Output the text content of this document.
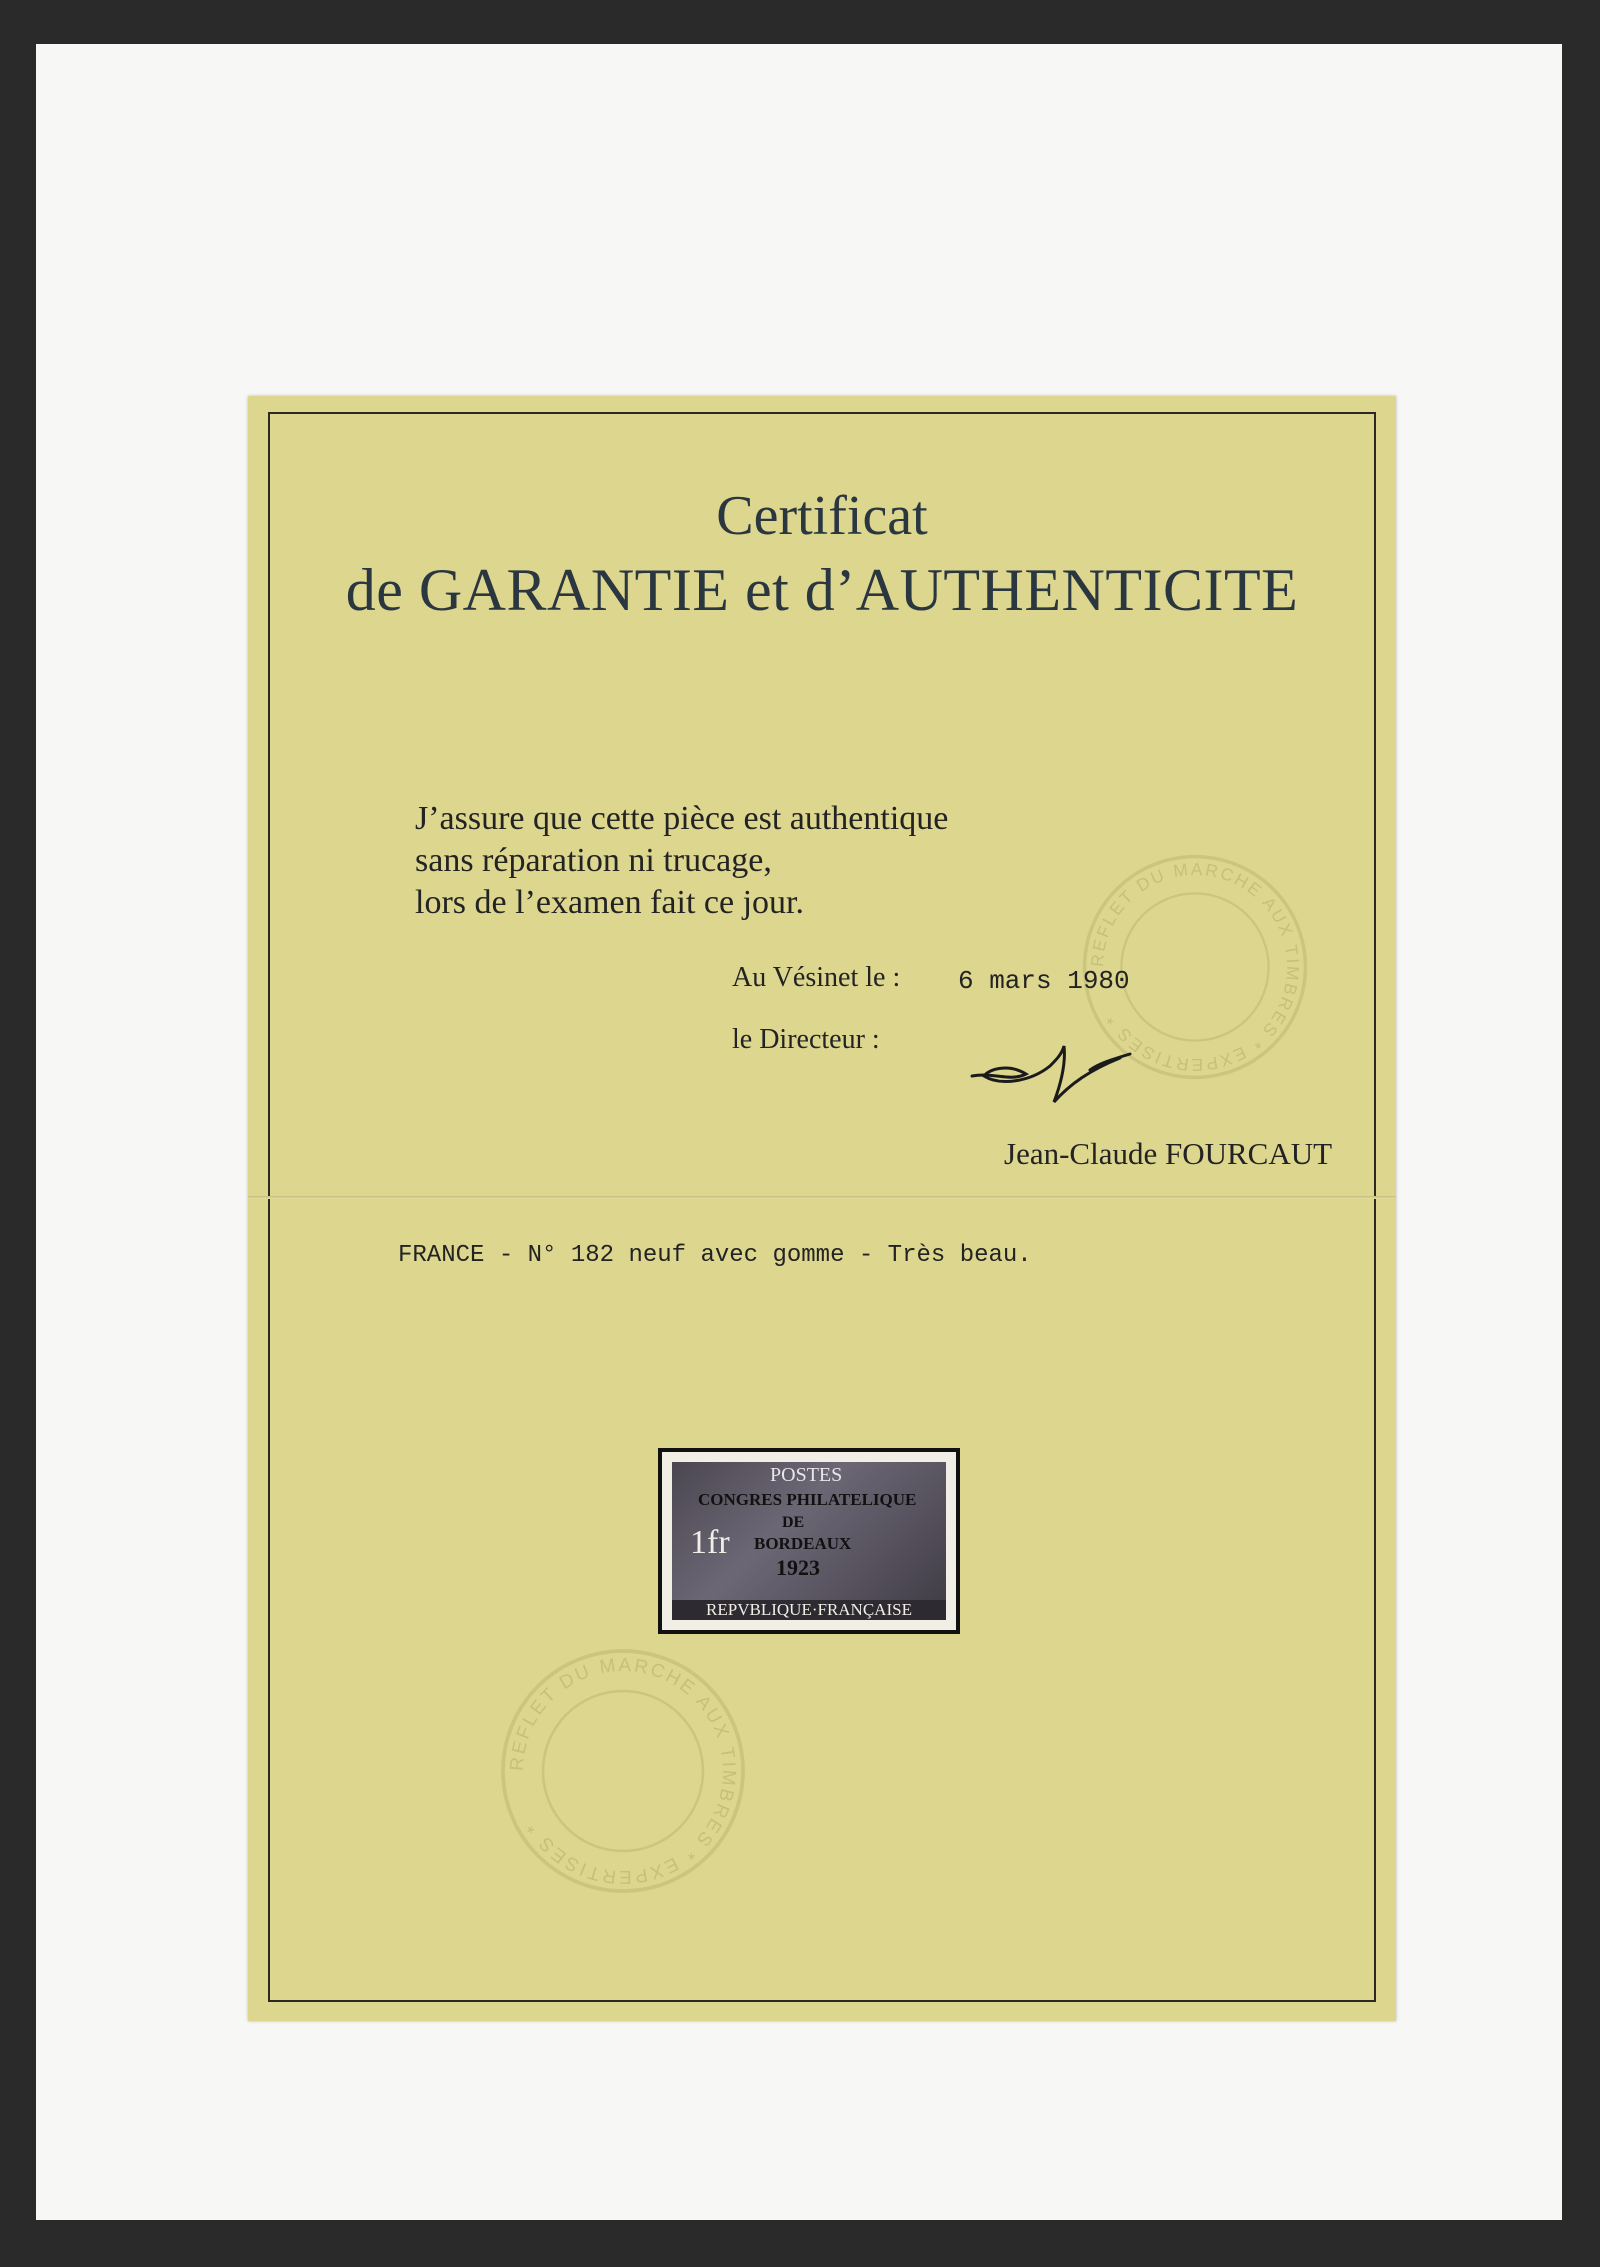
Certificat
de GARANTIE et d’AUTHENTICITE
J’assure que cette pièce est authentique
sans réparation ni trucage,
lors de l’examen fait ce jour.
REFLET DU MARCHE AUX TIMBRES * EXPERTISES *
Au Vésinet le : 6 mars 1980
le Directeur :
Jean-Claude FOURCAUT
FRANCE - N° 182 neuf avec gomme - Très beau.
REFLET DU MARCHE AUX TIMBRES * EXPERTISES *
POSTES
CONGRES PHILATELIQUE
DE
BORDEAUX
1923
1fr
REPVBLIQUE·FRANÇAISE
